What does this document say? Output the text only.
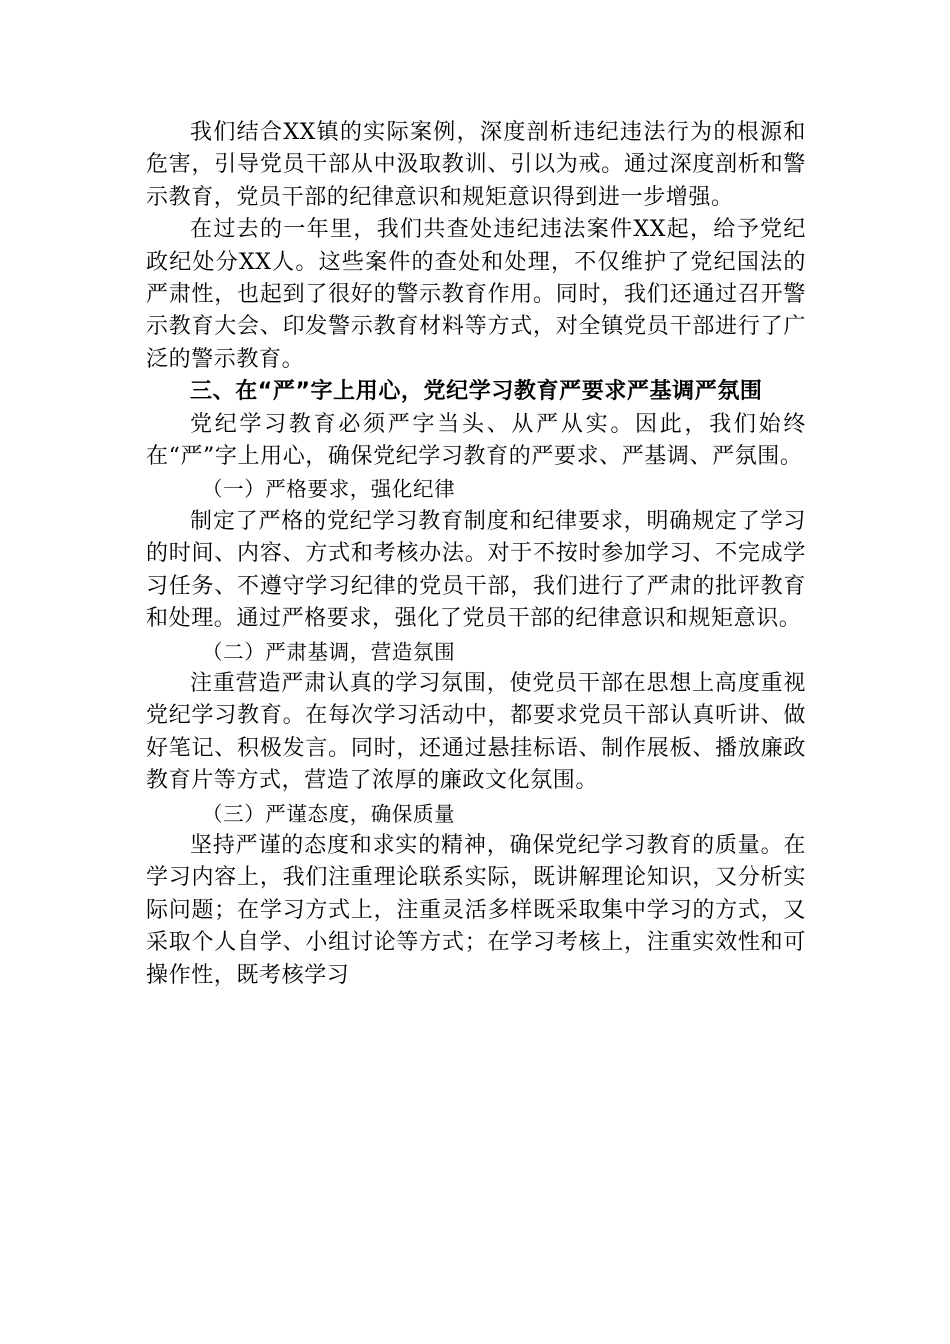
我们结合XX镇的实际案例，深度剖析违纪违法行为的根源和危害，引导党员干部从中汲取教训、引以为戒。通过深度剖析和警示教育，党员干部的纪律意识和规矩意识得到进一步增强。

在过去的一年里，我们共查处违纪违法案件XX起，给予党纪政纪处分XX人。这些案件的查处和处理，不仅维护了党纪国法的严肃性，也起到了很好的警示教育作用。同时，我们还通过召开警示教育大会、印发警示教育材料等方式，对全镇党员干部进行了广泛的警示教育。

三、在“严”字上用心，党纪学习教育严要求严基调严氛围

党纪学习教育必须严字当头、从严从实。因此，我们始终在“严”字上用心，确保党纪学习教育的严要求、严基调、严氛围。

（一）严格要求，强化纪律

制定了严格的党纪学习教育制度和纪律要求，明确规定了学习的时间、内容、方式和考核办法。对于不按时参加学习、不完成学习任务、不遵守学习纪律的党员干部，我们进行了严肃的批评教育和处理。通过严格要求，强化了党员干部的纪律意识和规矩意识。

（二）严肃基调，营造氛围

注重营造严肃认真的学习氛围，使党员干部在思想上高度重视党纪学习教育。在每次学习活动中，都要求党员干部认真听讲、做好笔记、积极发言。同时，还通过悬挂标语、制作展板、播放廉政教育片等方式，营造了浓厚的廉政文化氛围。

（三）严谨态度，确保质量

坚持严谨的态度和求实的精神，确保党纪学习教育的质量。在学习内容上，我们注重理论联系实际，既讲解理论知识，又分析实际问题；在学习方式上，注重灵活多样既采取集中学习的方式，又采取个人自学、小组讨论等方式；在学习考核上，注重实效性和可操作性，既考核学习
